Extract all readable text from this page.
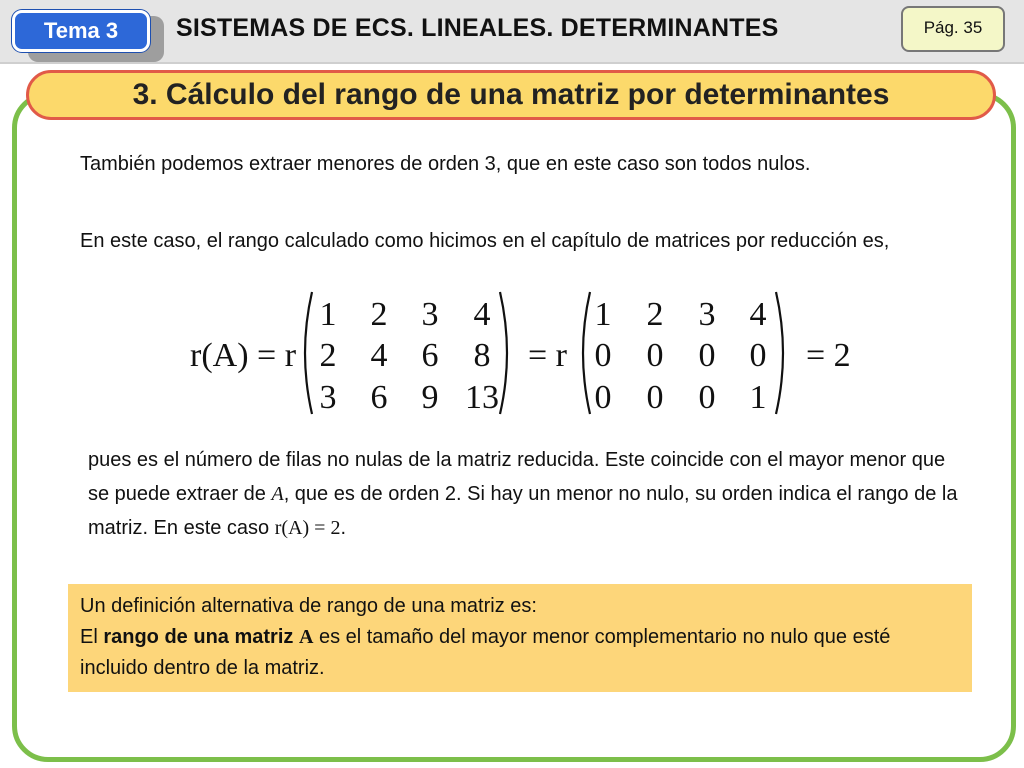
Tema 3	SISTEMAS DE ECS. LINEALES. DETERMINANTES	Pág. 35
3. Cálculo del rango de una matriz por determinantes

También podemos extraer menores de orden 3, que en este caso son todos nulos.

En este caso, el rango calculado como hicimos en el capítulo de matrices por reducción es,

r(A) = r
1	2	3	4
2	4	6	8
3	6	9 13
= r
1	2	3	4
0	0	0	0
0	0	0	1
= 2

pues es el número de filas no nulas de la matriz reducida. Este coincide con el mayor menor que se puede extraer de A, que es de orden 2. Si hay un menor no nulo, su orden indica el rango de la matriz. En este caso r(A) = 2.

Un definición alternativa de rango de una matriz es:

El rango de una matriz A es el tamaño del mayor menor complementario no nulo que esté incluido dentro de la matriz.
